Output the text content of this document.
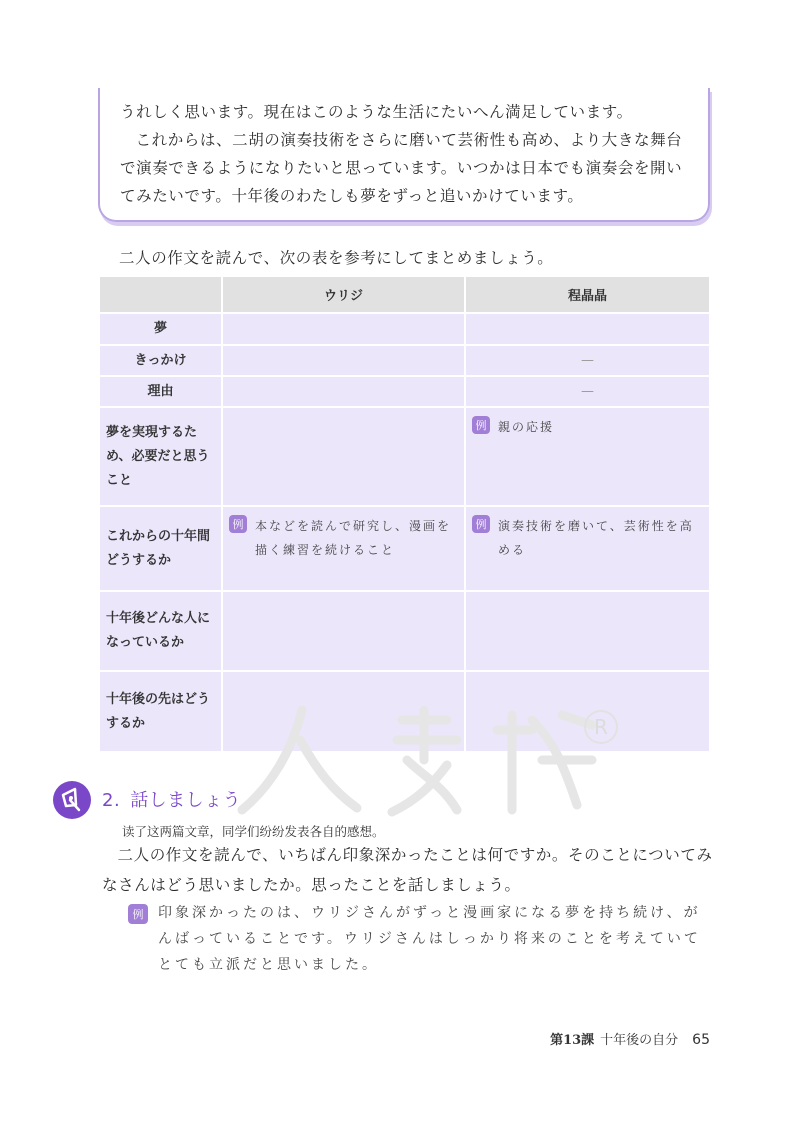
うれしく思います。現在はこのような生活にたいへん満足しています。

これからは、二胡の演奏技術をさらに磨いて芸術性も高め、より大きな舞台で演奏できるようになりたいと思っています。いつかは日本でも演奏会を開いてみたいです。十年後のわたしも夢をずっと追いかけています。

二人の作文を読んで、次の表を参考にしてまとめましょう。
	ウリジ	程晶晶
夢		
きっかけ		—
理由		—
夢を実現するため、必要だと思うこと		例 親の応援

これからの十年間どうするか	例 本などを読んで研究し、漫画を描く練習を続けること	例 演奏技術を磨いて、芸術性を高める

十年後どんな人になっているか		
十年後の先はどうするか			R
2. 話しましょう
读了这两篇文章，同学们纷纷发表各自的感想。

二人の作文を読んで、いちばん印象深かったことは何ですか。そのことについてみなさんはどう思いましたか。思ったことを話しましょう。

例	印象深かったのは、ウリジさんがずっと漫画家になる夢を持ち続け、がんばっていることです。ウリジさんはしっかり将来のことを考えていてとても立派だと思いました。
第13課 十年後の自分 65
